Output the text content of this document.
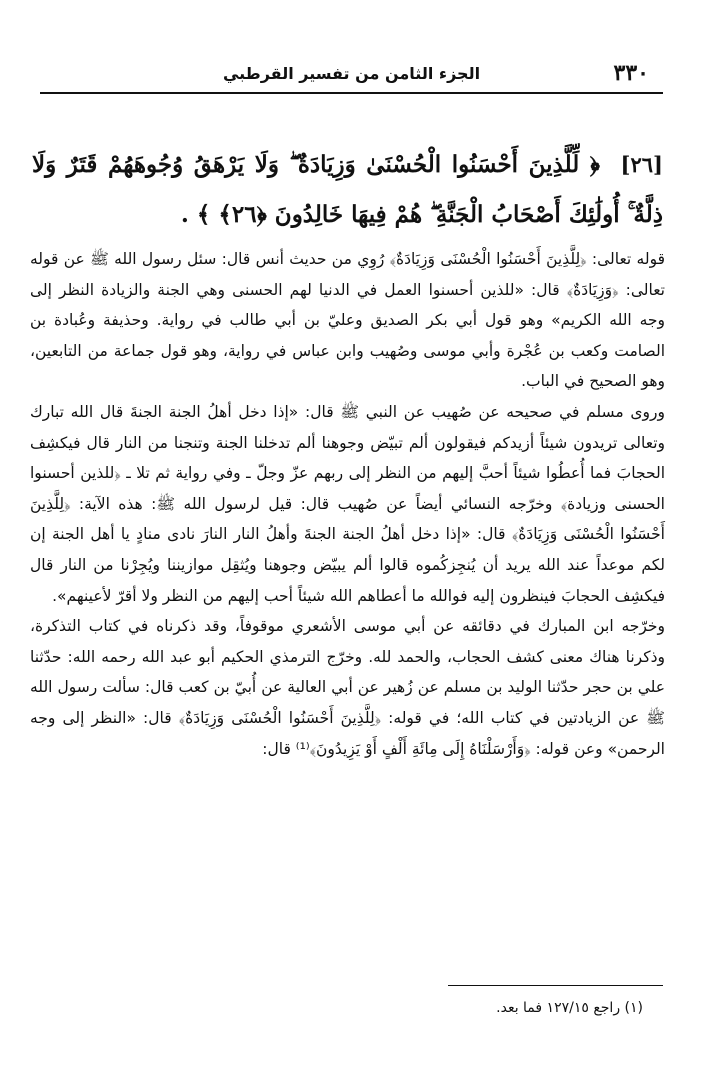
٣٣٠
الجزء الثامن من تفسير القرطبي
[٢٦] ﴿ لِّلَّذِينَ أَحْسَنُوا الْحُسْنَىٰ وَزِيَادَةٌ ۖ وَلَا يَرْهَقُ وُجُوهَهُمْ قَتَرٌ وَلَا ذِلَّةٌ ۚ أُولَٰئِكَ أَصْحَابُ الْجَنَّةِ ۖ هُمْ فِيهَا خَالِدُونَ ﴿٢٦﴾ ﴾ .

قوله تعالى: ﴿لِلَّذِينَ أَحْسَنُوا الْحُسْنَى وَزِيَادَةٌ﴾ رُوِي من حديث أنس قال: سئل رسول الله ﷺ عن قوله تعالى: ﴿وَزِيَادَةٌ﴾ قال: «للذين أحسنوا العمل في الدنيا لهم الحسنى وهي الجنة والزيادة النظر إلى وجه الله الكريم» وهو قول أبي بكر الصديق وعليّ بن أبي طالب في رواية. وحذيفة وعُبادة بن الصامت وكعب بن عُجْرة وأبي موسى وصُهيب وابن عباس في رواية، وهو قول جماعة من التابعين، وهو الصحيح في الباب.

وروى مسلم في صحيحه عن صُهيب عن النبي ﷺ قال: «إذا دخل أهلُ الجنة الجنةَ قال الله تبارك وتعالى تريدون شيئاً أزيدكم فيقولون ألم تبيّض وجوهنا ألم تدخلنا الجنة وتنجنا من النار قال فيكشِف الحجابَ فما أُعطُوا شيئاً أحبَّ إليهم من النظر إلى ربهم عزّ وجلّ ـ وفي رواية ثم تلا ـ ﴿للذين أحسنوا الحسنى وزيادة﴾ وخرّجه النسائي أيضاً عن صُهيب قال: قيل لرسول الله ﷺ: هذه الآية: ﴿لِلَّذِينَ أَحْسَنُوا الْحُسْنَى وَزِيَادَةٌ﴾ قال: «إذا دخل أهلُ الجنة الجنةَ وأهلُ النار النارَ نادى منادٍ يا أهل الجنة إن لكم موعداً عند الله يريد أن يُنجِزكُموه قالوا ألم يبيّض وجوهنا ويُثقِل موازيننا ويُجِرْنا من النار قال فيكشِف الحجابَ فينظرون إليه فوالله ما أعطاهم الله شيئاً أحب إليهم من النظر ولا أقرّ لأعينهم».

وخرّجه ابن المبارك في دقائقه عن أبي موسى الأشعري موقوفاً، وقد ذكرناه في كتاب التذكرة، وذكرنا هناك معنى كشف الحجاب، والحمد لله. وخرّج الترمذي الحكيم أبو عبد الله رحمه الله: حدّثنا علي بن حجر حدّثنا الوليد بن مسلم عن زُهير عن أبي العالية عن أُبيّ بن كعب قال: سألت رسول الله ﷺ عن الزيادتين في كتاب الله؛ في قوله: ﴿لِلَّذِينَ أَحْسَنُوا الْحُسْنَى وَزِيَادَةٌ﴾ قال: «النظر إلى وجه الرحمن» وعن قوله: ﴿وَأَرْسَلْنَاهُ إِلَى مِائَةِ أَلْفٍ أَوْ يَزِيدُونَ﴾⁽¹⁾ قال:

(١) راجع ١٢٧/١٥ فما بعد.
